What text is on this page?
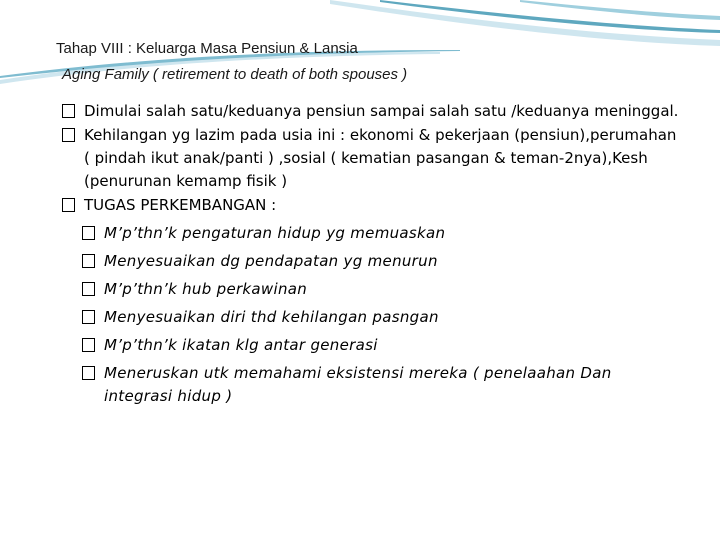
Tahap VIII : Keluarga Masa Pensiun & Lansia
Aging Family ( retirement to death of both spouses )
Dimulai salah satu/keduanya pensiun sampai salah satu /keduanya meninggal.
Kehilangan yg lazim pada usia ini : ekonomi & pekerjaan (pensiun),perumahan ( pindah ikut anak/panti ) ,sosial ( kematian pasangan & teman-2nya),Kesh (penurunan kemamp fisik )
TUGAS PERKEMBANGAN :
M’p’thn’k pengaturan hidup yg memuaskan
Menyesuaikan dg pendapatan yg menurun
M’p’thn’k hub perkawinan
Menyesuaikan diri thd kehilangan pasngan
M’p’thn’k ikatan klg antar generasi
Meneruskan utk memahami eksistensi mereka ( penelaahan Dan integrasi hidup )
